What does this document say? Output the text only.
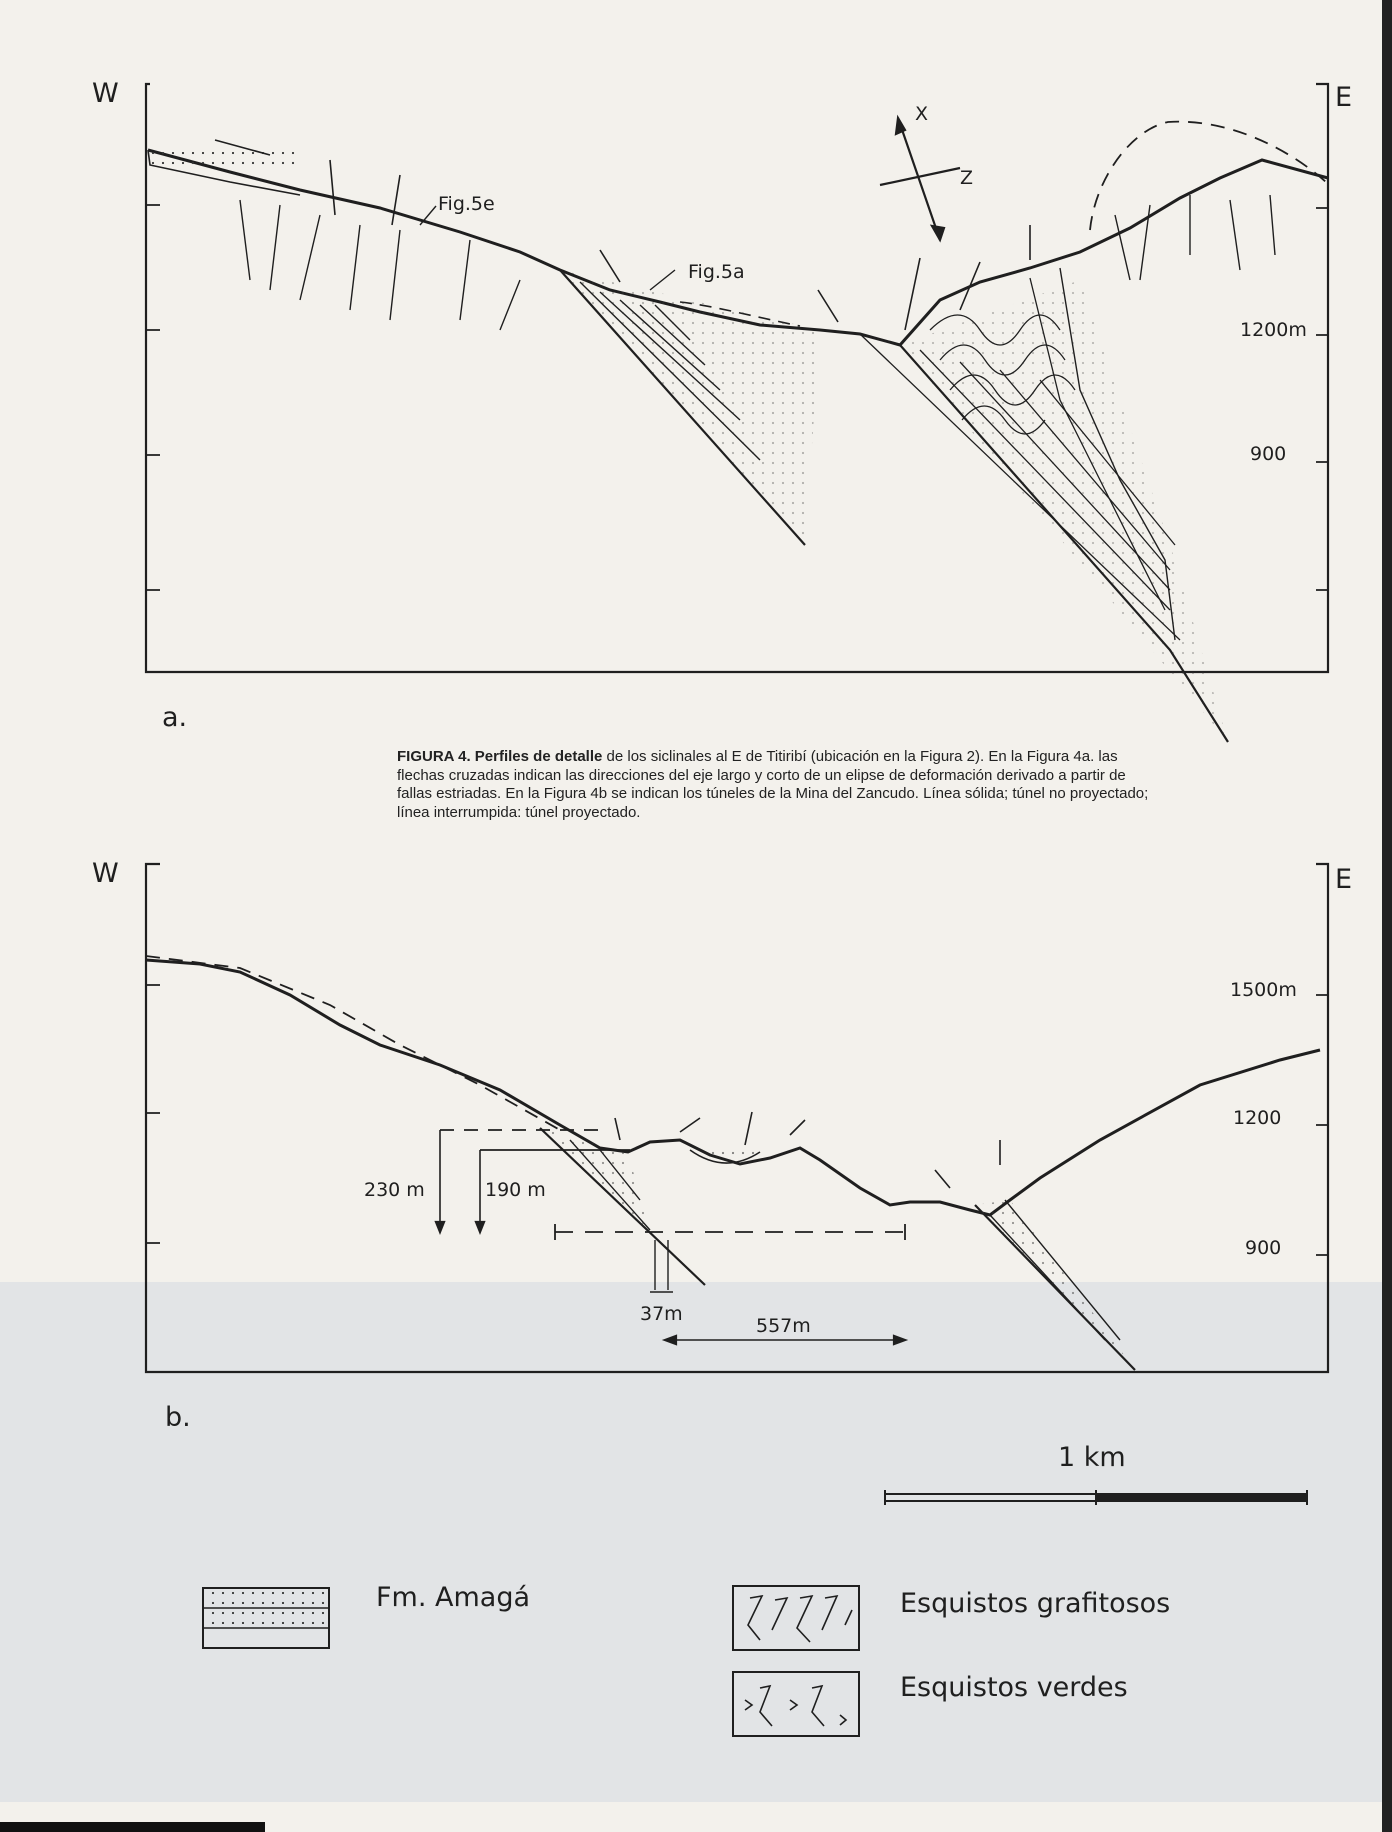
W	E
a.
1200m
900
Fig.5e
Fig.5a
X
Z
W	E
b.
1500m
1200
900
230 m	190 m
37m
557m
1 km
Fm. Amagá	Esquistos grafitosos
Esquistos verdes
FIGURA 4. Perfiles de detalle de los siclinales al E de Titiribí (ubicación en la Figura 2). En la Figura 4a. las flechas cruzadas indican las direcciones del eje largo y corto de un elipse de deformación derivado a partir de fallas estriadas. En la Figura 4b se indican los túneles de la Mina del Zancudo. Línea sólida; túnel no proyectado; línea interrumpida: túnel proyectado.
